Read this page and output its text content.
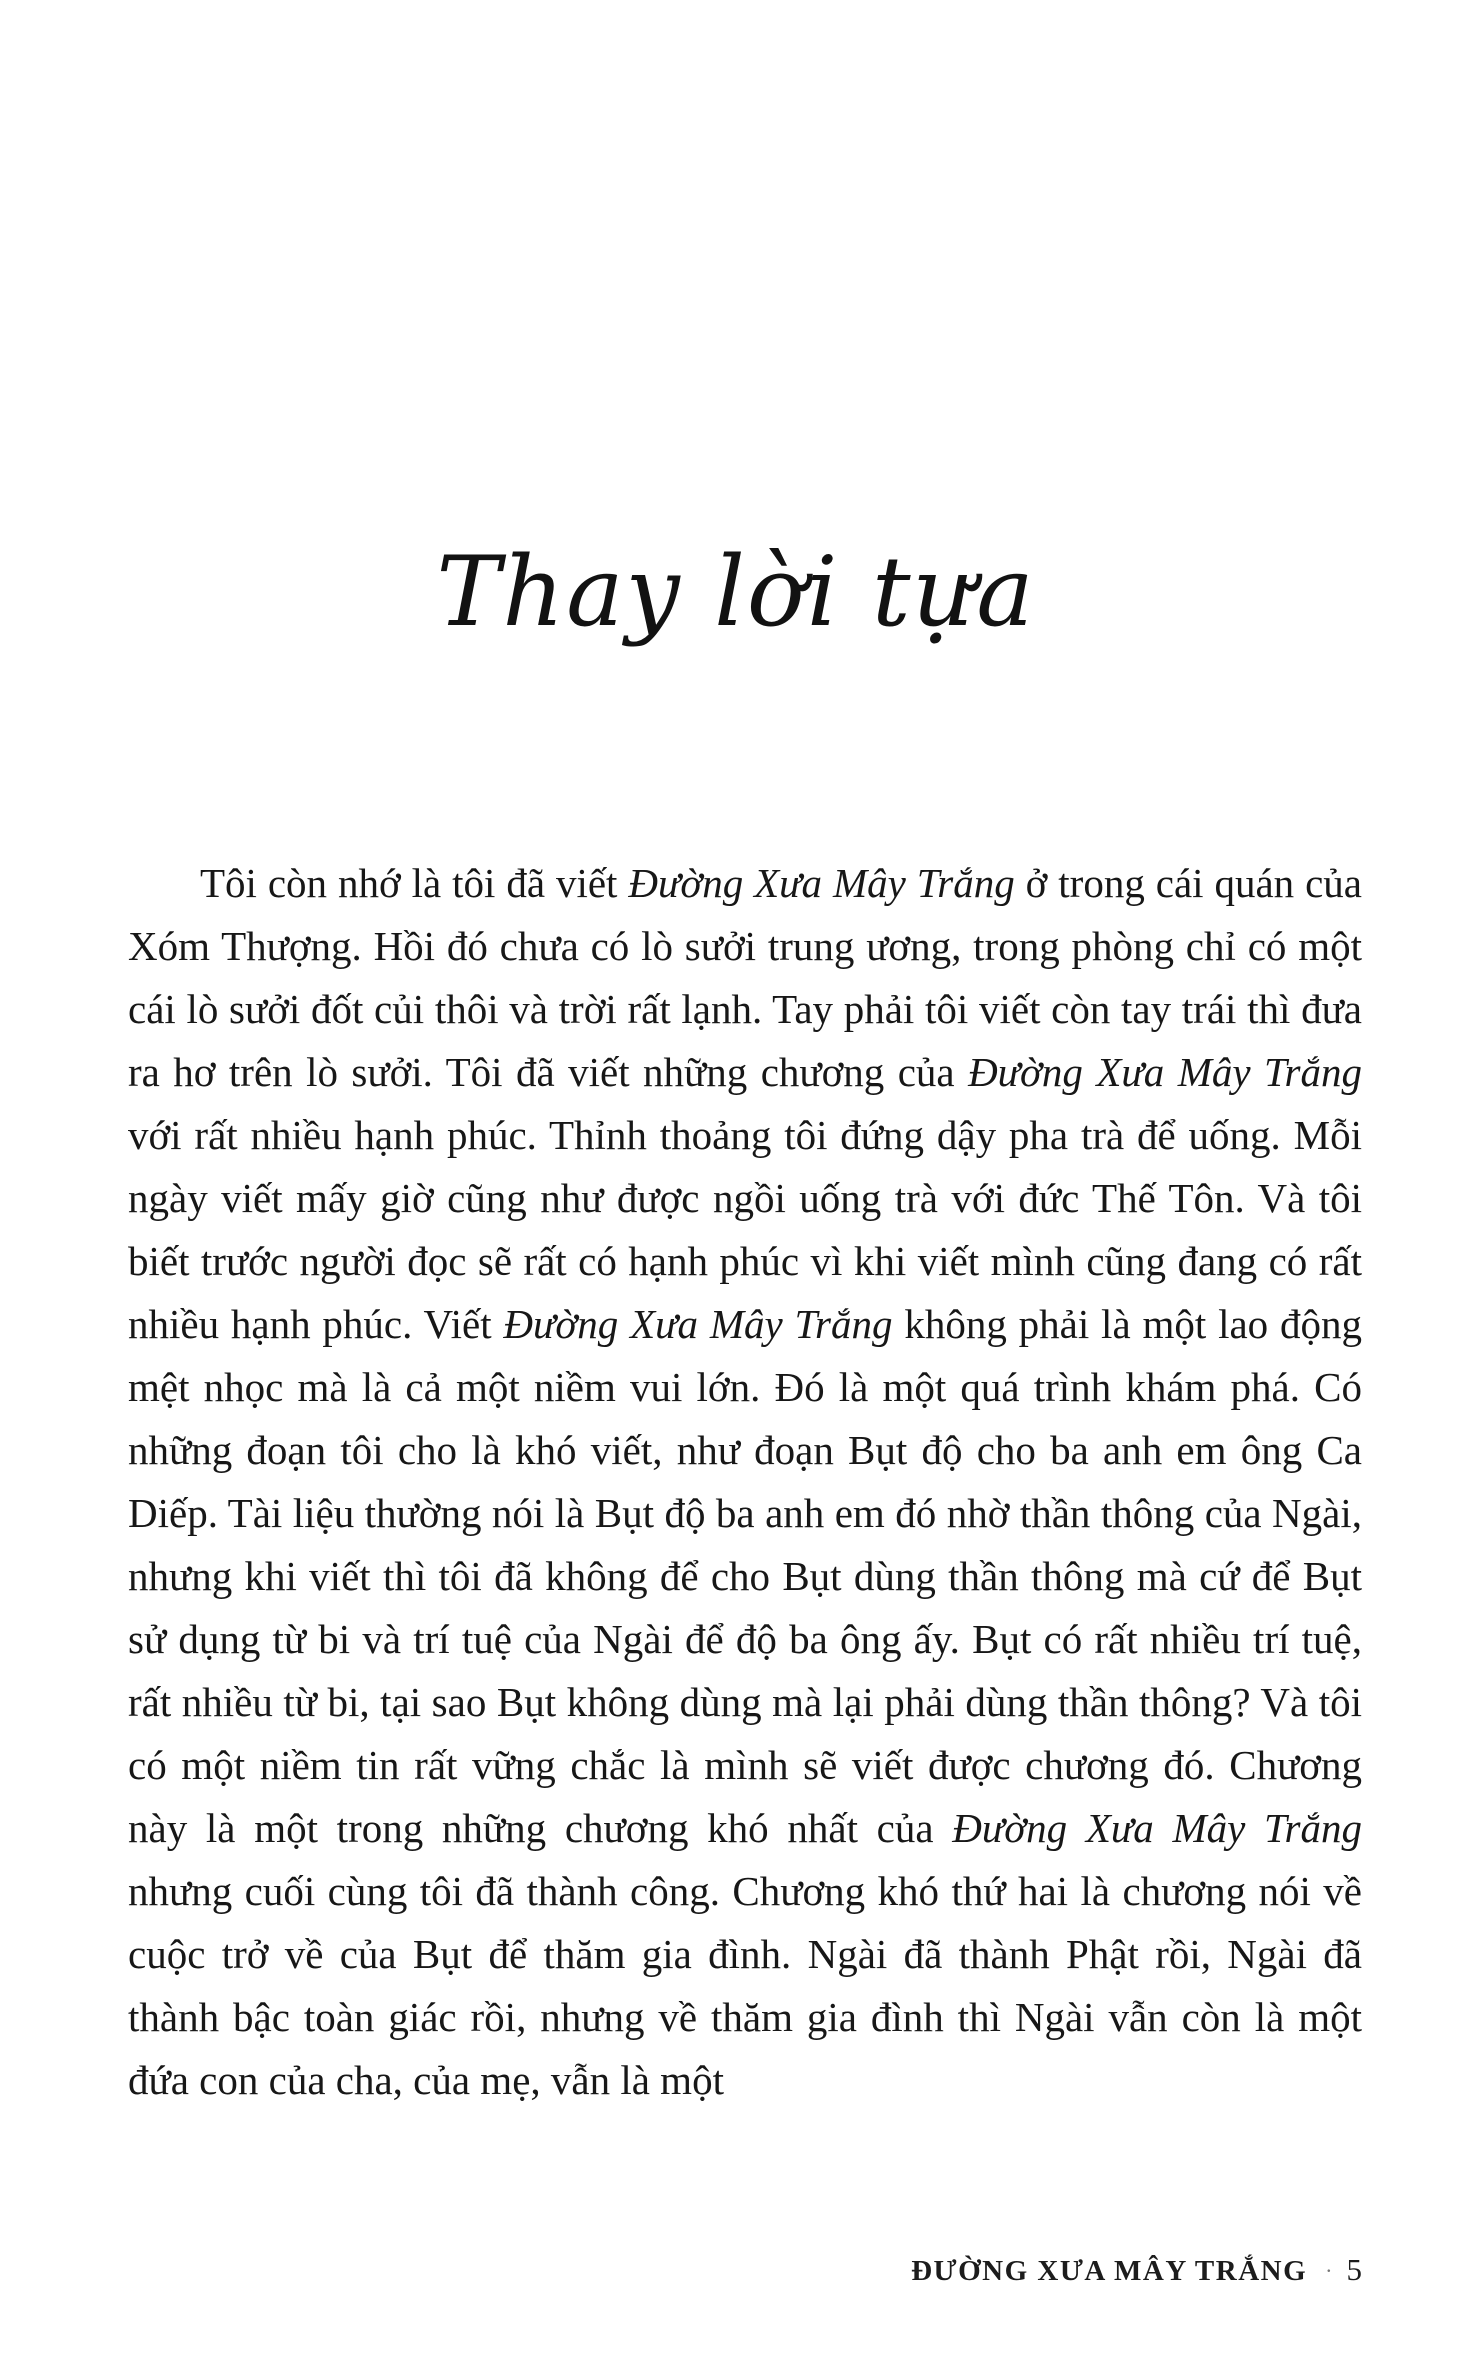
Thay lời tựa
Tôi còn nhớ là tôi đã viết Đường Xưa Mây Trắng ở trong cái quán của Xóm Thượng. Hồi đó chưa có lò sưởi trung ương, trong phòng chỉ có một cái lò sưởi đốt củi thôi và trời rất lạnh. Tay phải tôi viết còn tay trái thì đưa ra hơ trên lò sưởi. Tôi đã viết những chương của Đường Xưa Mây Trắng với rất nhiều hạnh phúc. Thỉnh thoảng tôi đứng dậy pha trà để uống. Mỗi ngày viết mấy giờ cũng như được ngồi uống trà với đức Thế Tôn. Và tôi biết trước người đọc sẽ rất có hạnh phúc vì khi viết mình cũng đang có rất nhiều hạnh phúc. Viết Đường Xưa Mây Trắng không phải là một lao động mệt nhọc mà là cả một niềm vui lớn. Đó là một quá trình khám phá. Có những đoạn tôi cho là khó viết, như đoạn Bụt độ cho ba anh em ông Ca Diếp. Tài liệu thường nói là Bụt độ ba anh em đó nhờ thần thông của Ngài, nhưng khi viết thì tôi đã không để cho Bụt dùng thần thông mà cứ để Bụt sử dụng từ bi và trí tuệ của Ngài để độ ba ông ấy. Bụt có rất nhiều trí tuệ, rất nhiều từ bi, tại sao Bụt không dùng mà lại phải dùng thần thông? Và tôi có một niềm tin rất vững chắc là mình sẽ viết được chương đó. Chương này là một trong những chương khó nhất của Đường Xưa Mây Trắng nhưng cuối cùng tôi đã thành công. Chương khó thứ hai là chương nói về cuộc trở về của Bụt để thăm gia đình. Ngài đã thành Phật rồi, Ngài đã thành bậc toàn giác rồi, nhưng về thăm gia đình thì Ngài vẫn còn là một đứa con của cha, của mẹ, vẫn là một
ĐƯỜNG XƯA MÂY TRẮNG · 5
